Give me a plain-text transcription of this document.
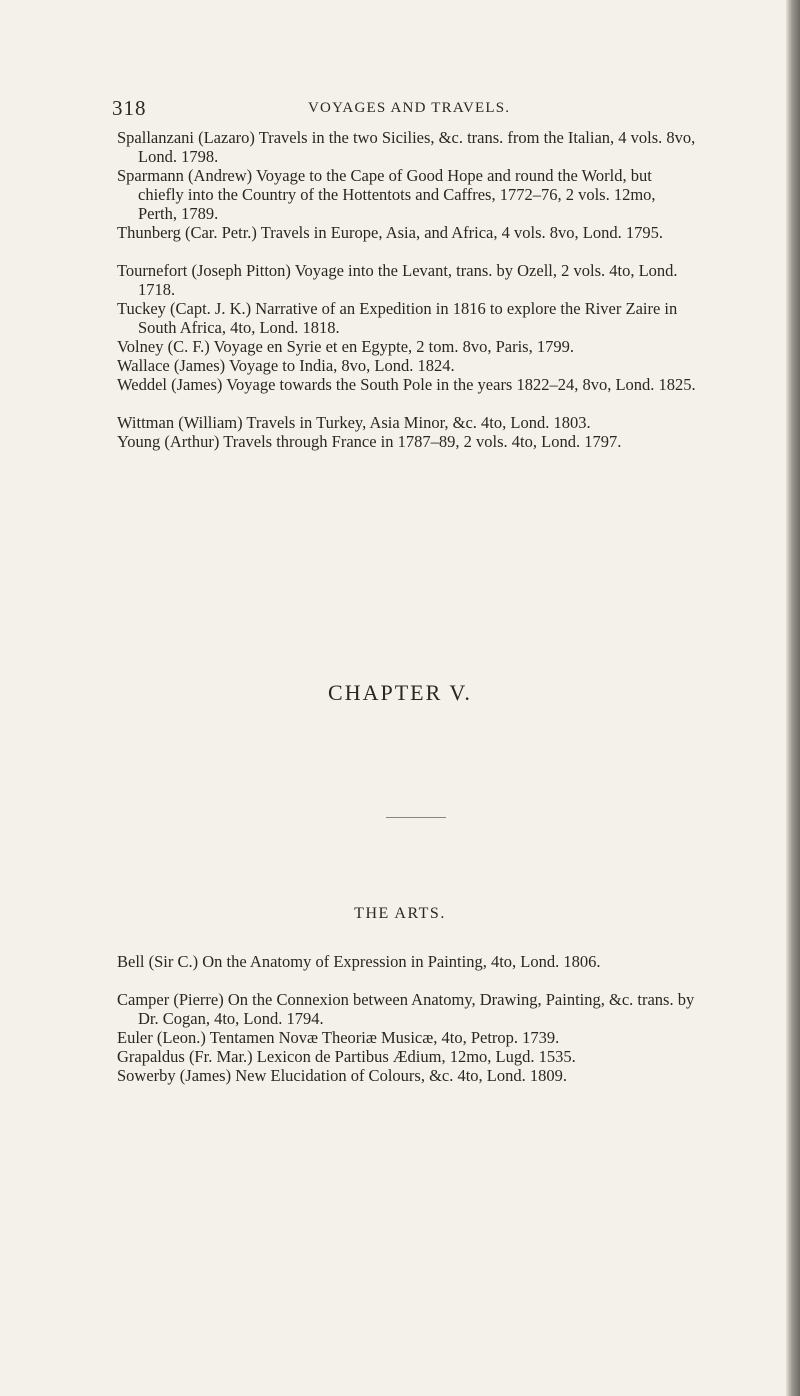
318	VOYAGES AND TRAVELS.
Spallanzani (Lazaro) Travels in the two Sicilies, &c. trans. from the Italian, 4 vols. 8vo, Lond. 1798.
Sparmann (Andrew) Voyage to the Cape of Good Hope and round the World, but chiefly into the Country of the Hottentots and Caffres, 1772–76, 2 vols. 12mo, Perth, 1789.
Thunberg (Car. Petr.) Travels in Europe, Asia, and Africa, 4 vols. 8vo, Lond. 1795.
Tournefort (Joseph Pitton) Voyage into the Levant, trans. by Ozell, 2 vols. 4to, Lond. 1718.
Tuckey (Capt. J. K.) Narrative of an Expedition in 1816 to explore the River Zaire in South Africa, 4to, Lond. 1818.
Volney (C. F.) Voyage en Syrie et en Egypte, 2 tom. 8vo, Paris, 1799.
Wallace (James) Voyage to India, 8vo, Lond. 1824.
Weddel (James) Voyage towards the South Pole in the years 1822–24, 8vo, Lond. 1825.
Wittman (William) Travels in Turkey, Asia Minor, &c. 4to, Lond. 1803.
Young (Arthur) Travels through France in 1787–89, 2 vols. 4to, Lond. 1797.
CHAPTER V.
THE ARTS.
Bell (Sir C.) On the Anatomy of Expression in Painting, 4to, Lond. 1806.
Camper (Pierre) On the Connexion between Anatomy, Drawing, Painting, &c. trans. by Dr. Cogan, 4to, Lond. 1794.
Euler (Leon.) Tentamen Novæ Theoriæ Musicæ, 4to, Petrop. 1739.
Grapaldus (Fr. Mar.) Lexicon de Partibus Ædium, 12mo, Lugd. 1535.
Sowerby (James) New Elucidation of Colours, &c. 4to, Lond. 1809.
